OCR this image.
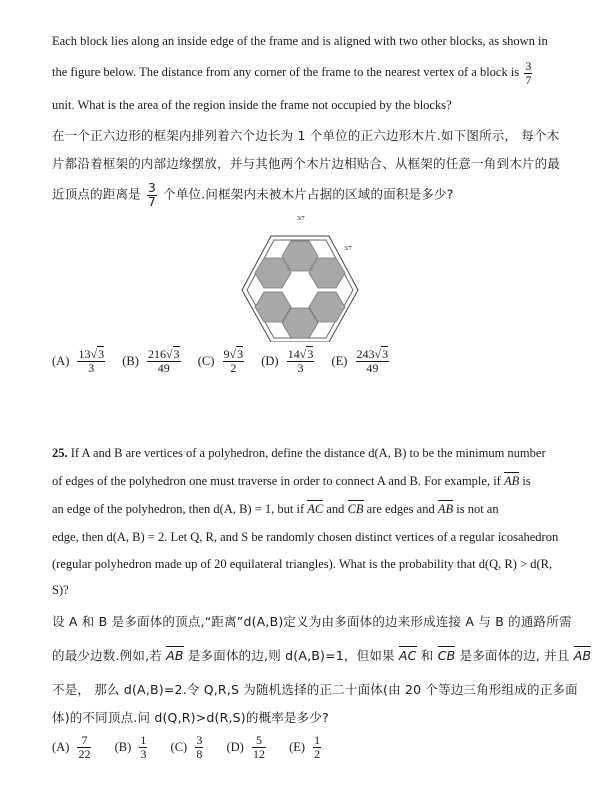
Each block lies along an inside edge of the frame and is aligned with two other blocks, as shown in
the figure below. The distance from any corner of the frame to the nearest vertex of a block is $\frac{3}{7}$
unit. What is the area of the region inside the frame not occupied by the blocks?
在一个正六边形的框架内排列着六个边长为 1 个单位的正六边形木片.如下图所示， 每个木
片都沿着框架的内部边缘摆放，并与其他两个木片边相贴合、从框架的任意一角到木片的最
近顶点的距离是 $\frac{3}{7}$ 个单位.问框架内未被木片占据的区域的面积是多少?
3/7
3/7
$(A) \frac{13√3}{3} (B) \frac{216√3}{49} (C) \frac{9√3}{2} (D) \frac{14√3}{3} (E) \frac{243√3}{49}$
25. If A and B are vertices of a polyhedron, define the distance d(A, B) to be the minimum number
of edges of the polyhedron one must traverse in order to connect A and B. For example, if AB is
an edge of the polyhedron, then d(A, B) = 1, but if AC and CB are edges and AB is not an
edge, then d(A, B) = 2. Let Q, R, and S be randomly chosen distinct vertices of a regular icosahedron
(regular polyhedron made up of 20 equilateral triangles). What is the probability that d(Q, R) > d(R,
S)?
设 A 和 B 是多面体的顶点,“距离”d(A,B)定义为由多面体的边来形成连接 A 与 B 的通路所需
的最少边数.例如,若 AB 是多面体的边,则 d(A,B)=1，但如果 AC 和 CB 是多面体的边, 并且 AB
不是， 那么 d(A,B)=2.令 Q,R,S 为随机选择的正二十面体(由 20 个等边三角形组成的正多面
体)的不同顶点.问 d(Q,R)>d(R,S)的概率是多少?
$(A) \frac{7}{22} (B) \frac{1}{3} (C) \frac{3}{8} (D) \frac{5}{12} (E) \frac{1}{2}$
